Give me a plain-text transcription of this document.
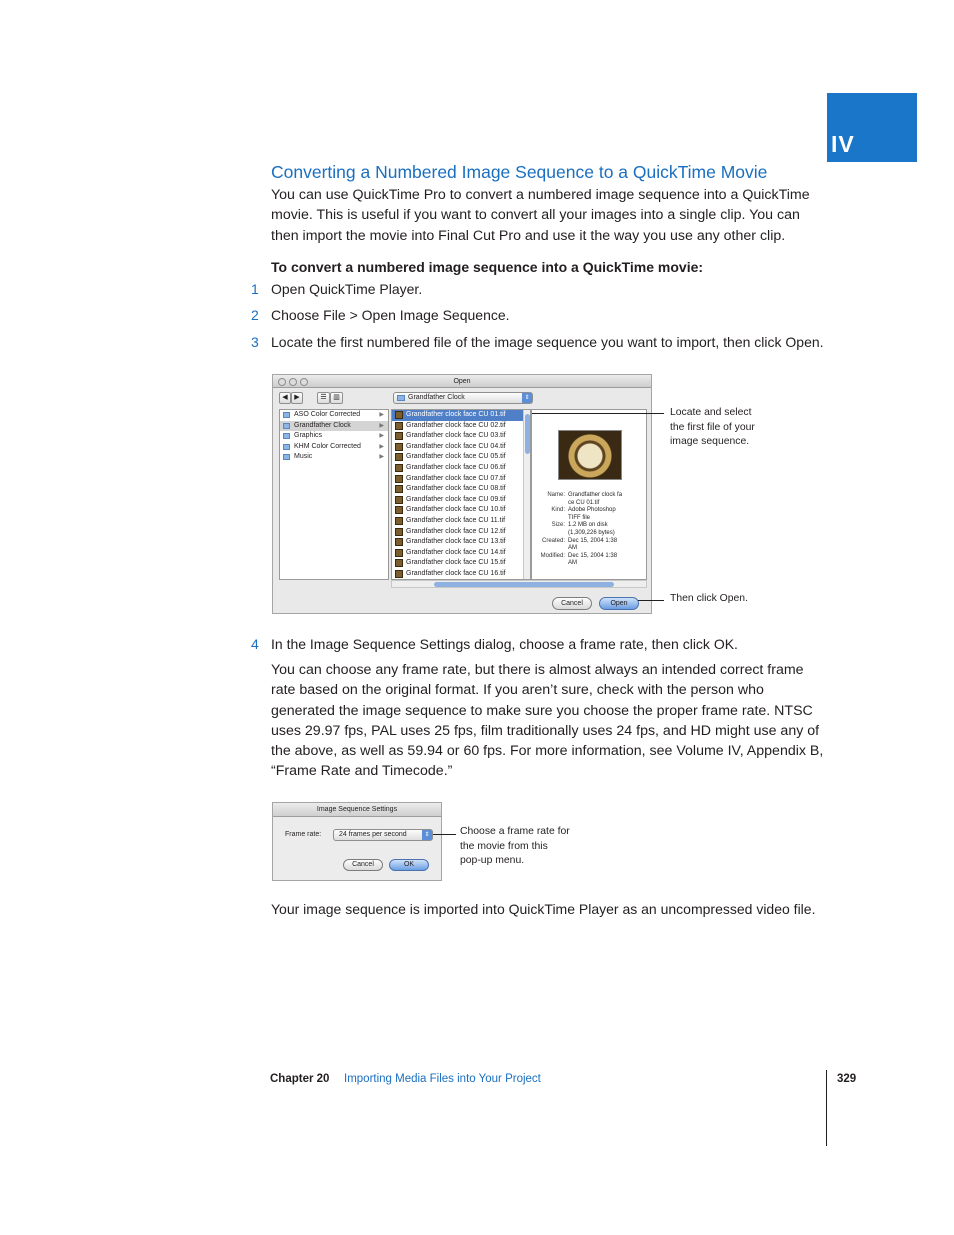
IV
Converting a Numbered Image Sequence to a QuickTime Movie
You can use QuickTime Pro to convert a numbered image sequence into a QuickTime
movie. This is useful if you want to convert all your images into a single clip. You can
then import the movie into Final Cut Pro and use it the way you use any other clip.
To convert a numbered image sequence into a QuickTime movie:
1 Open QuickTime Player.
2 Choose File > Open Image Sequence.
3 Locate the first numbered file of the image sequence you want to import, then click Open.
Open
◀ ▶	☰ ▥	Grandfather Clock	⇕
ASO Color Corrected	▶
Grandfather Clock	▶
Graphics	▶
KHM Color Corrected	▶
Music	▶
Grandfather clock face CU 01.tif
Grandfather clock face CU 02.tif
Grandfather clock face CU 03.tif
Grandfather clock face CU 04.tif
Grandfather clock face CU 05.tif
Grandfather clock face CU 06.tif
Grandfather clock face CU 07.tif
Grandfather clock face CU 08.tif
Grandfather clock face CU 09.tif
Grandfather clock face CU 10.tif
Grandfather clock face CU 11.tif
Grandfather clock face CU 12.tif
Grandfather clock face CU 13.tif
Grandfather clock face CU 14.tif
Grandfather clock face CU 15.tif
Grandfather clock face CU 16.tif
Name: Grandfather clock fa
ce CU 01.tif
Kind: Adobe Photoshop
TIFF file
Size: 1.2 MB on disk
(1,309,226 bytes)
Created: Dec 15, 2004 1:38
AM
Modified: Dec 15, 2004 1:38
AM
Cancel	Open
Locate and select
the first file of your
image sequence.
Then click Open.
4 In the Image Sequence Settings dialog, choose a frame rate, then click OK.
You can choose any frame rate, but there is almost always an intended correct frame
rate based on the original format. If you aren’t sure, check with the person who
generated the image sequence to make sure you choose the proper frame rate. NTSC
uses 29.97 fps, PAL uses 25 fps, film traditionally uses 24 fps, and HD might use any of
the above, as well as 59.94 or 60 fps. For more information, see Volume IV, Appendix B,
“Frame Rate and Timecode.”
Image Sequence Settings
Frame rate:	24 frames per second	⇕
Cancel	OK
Choose a frame rate for
the movie from this
pop-up menu.
Your image sequence is imported into QuickTime Player as an uncompressed video file.
Chapter 20 Importing Media Files into Your Project	329
